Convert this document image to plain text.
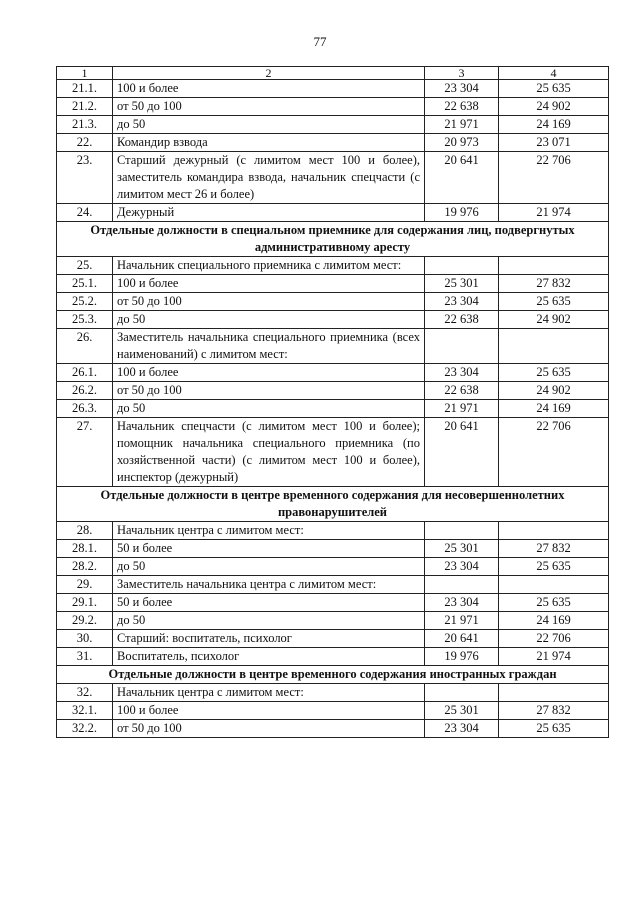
77
1	2	3	4
21.1.	100 и более	23 304	25 635
21.2.	от 50 до 100	22 638	24 902
21.3.	до 50	21 971	24 169
22.	Командир взвода	20 973	23 071
23.	Старший дежурный (с лимитом мест 100 и более), заместитель командира взвода, начальник спецчасти (с лимитом мест 26 и более)	20 641	22 706
24.	Дежурный	19 976	21 974
Отдельные должности в специальном приемнике для содержания лиц, подвергнутых административному аресту			
25.	Начальник специального приемника с лимитом мест:		
25.1.	100 и более	25 301	27 832
25.2.	от 50 до 100	23 304	25 635
25.3.	до 50	22 638	24 902
26.	Заместитель начальника специального приемника (всех наименований) с лимитом мест:		
26.1.	100 и более	23 304	25 635
26.2.	от 50 до 100	22 638	24 902
26.3.	до 50	21 971	24 169
27.	Начальник спецчасти (с лимитом мест 100 и более); помощник начальника специального приемника (по хозяйственной части) (с лимитом мест 100 и более), инспектор (дежурный)	20 641	22 706
Отдельные должности в центре временного содержания для несовершеннолетних правонарушителей			
28.	Начальник центра с лимитом мест:		
28.1.	50 и более	25 301	27 832
28.2.	до 50	23 304	25 635
29.	Заместитель начальника центра с лимитом мест:		
29.1.	50 и более	23 304	25 635
29.2.	до 50	21 971	24 169
30.	Старший: воспитатель, психолог	20 641	22 706
31.	Воспитатель, психолог	19 976	21 974
Отдельные должности в центре временного содержания иностранных граждан			
32.	Начальник центра с лимитом мест:		
32.1.	100 и более	25 301	27 832
32.2.	от 50 до 100	23 304	25 635
